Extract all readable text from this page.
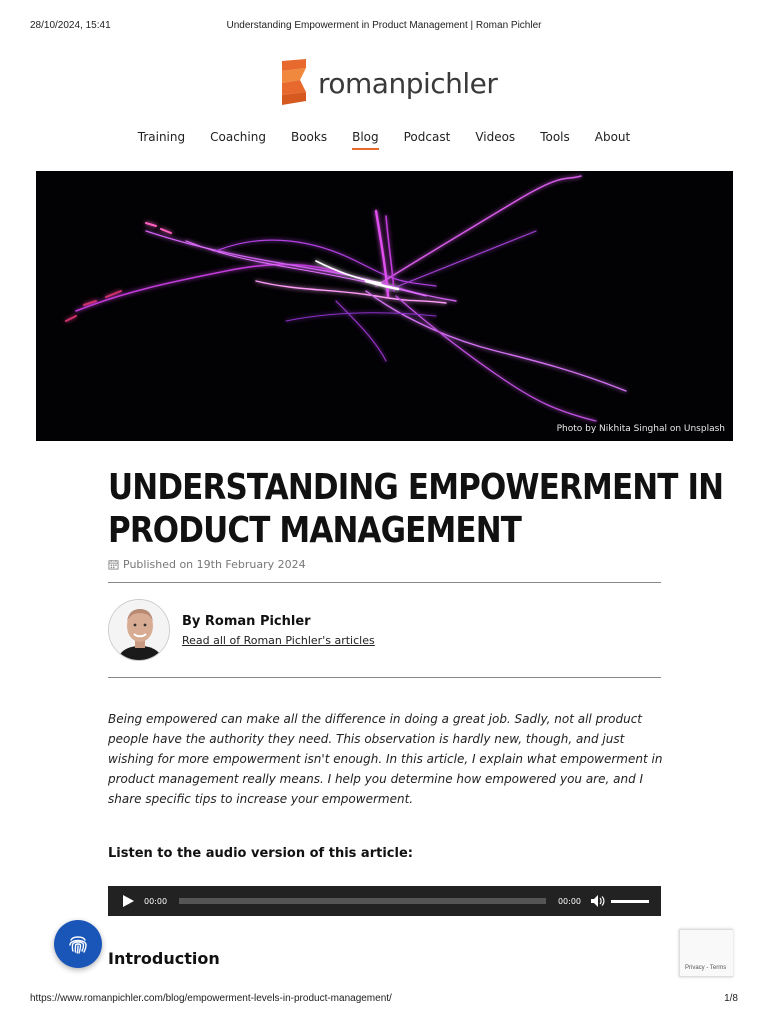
28/10/2024, 15:41	Understanding Empowerment in Product Management | Roman Pichler
romanpichler
Training	Coaching	Books	Blog	Podcast	Videos	Tools	About
Photo by Nikhita Singhal on Unsplash
UNDERSTANDING EMPOWERMENT IN
PRODUCT MANAGEMENT
Published on 19th February 2024
By Roman Pichler
Read all of Roman Pichler's articles

Being empowered can make all the difference in doing a great job. Sadly, not all product people have the authority they need. This observation is hardly new, though, and just wishing for more empowerment isn't enough. In this article, I explain what empowerment in product management really means. I help you determine how empowered you are, and I share specific tips to increase your empowerment.

Listen to the audio version of this article:
00:00	00:00
Introduction	Privacy - Terms
https://www.romanpichler.com/blog/empowerment-levels-in-product-management/	1/8
